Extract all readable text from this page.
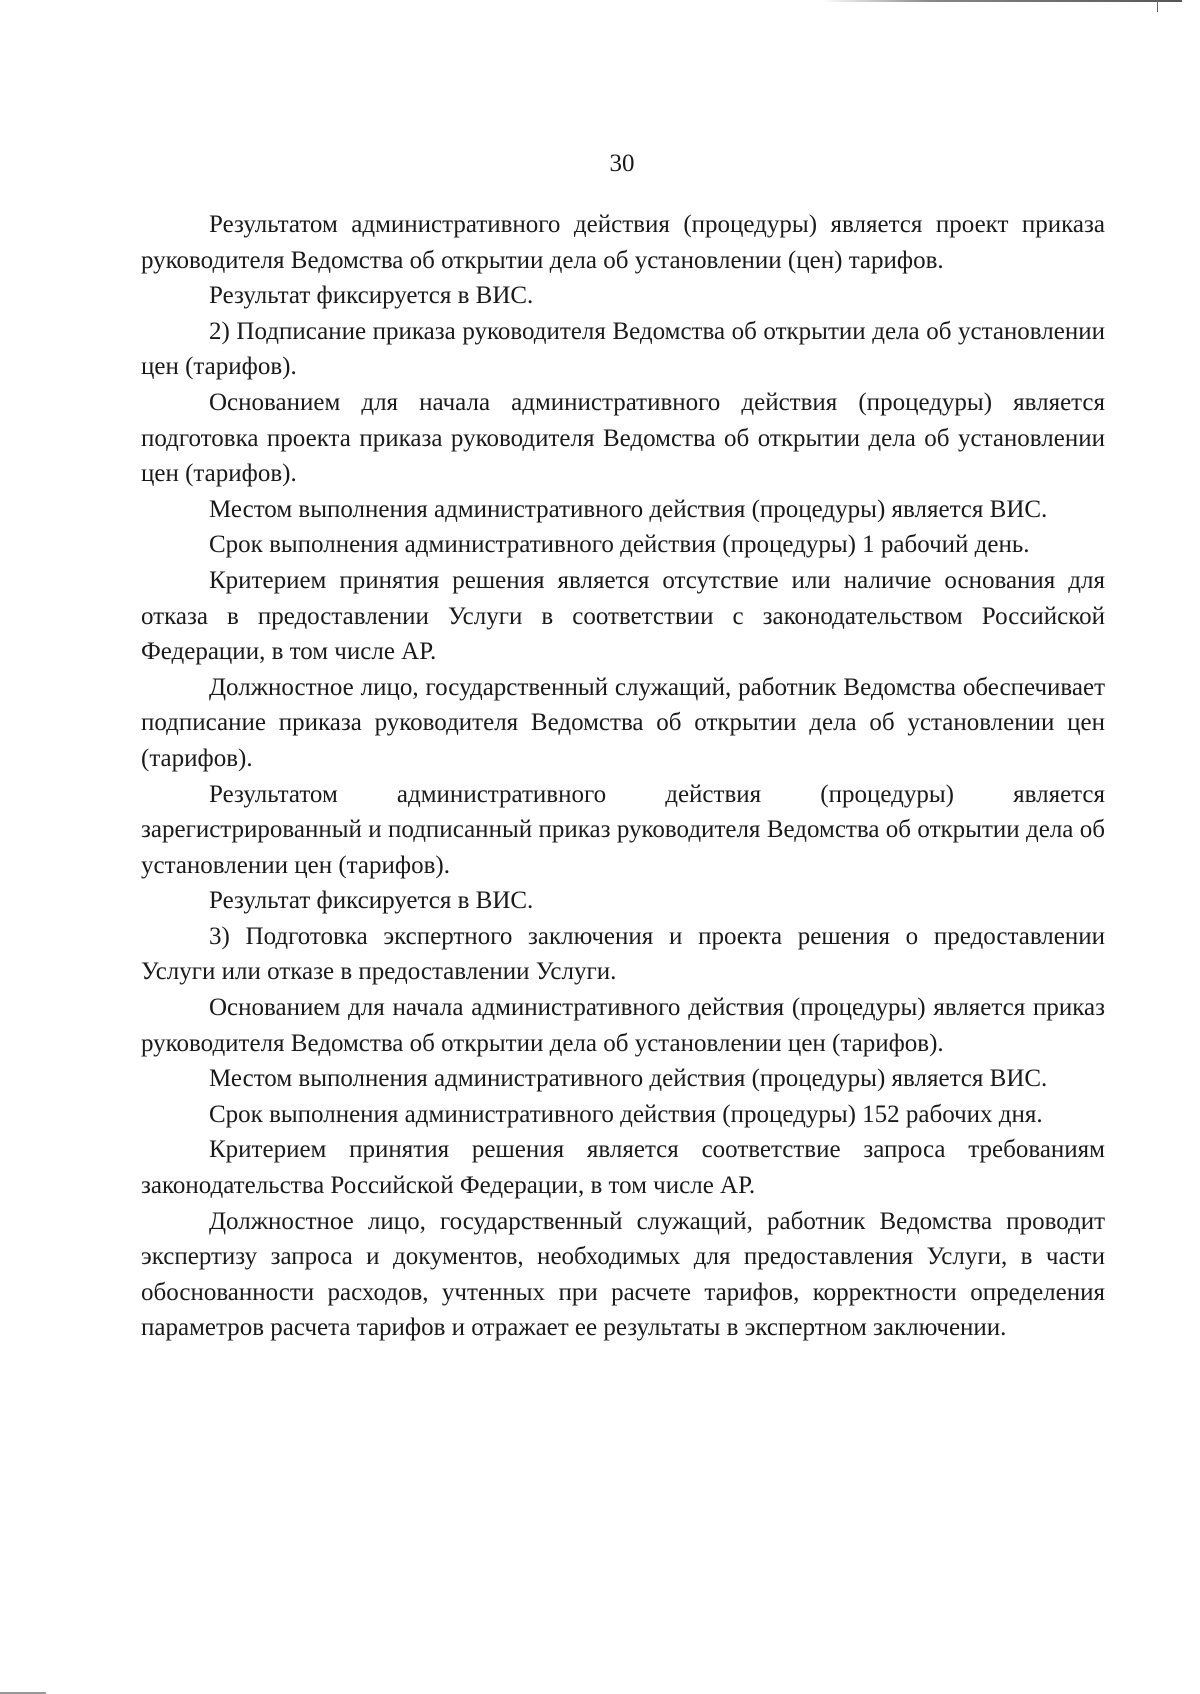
30

Результатом административного действия (процедуры) является проект приказа руководителя Ведомства об открытии дела об установлении (цен) тарифов.

Результат фиксируется в ВИС.

2) Подписание приказа руководителя Ведомства об открытии дела об установлении цен (тарифов).

Основанием для начала административного действия (процедуры) является подготовка проекта приказа руководителя Ведомства об открытии дела об установлении цен (тарифов).

Местом выполнения административного действия (процедуры) является ВИС.

Срок выполнения административного действия (процедуры) 1 рабочий день.

Критерием принятия решения является отсутствие или наличие основания для отказа в предоставлении Услуги в соответствии с законодательством Российской Федерации, в том числе АР.

Должностное лицо, государственный служащий, работник Ведомства обеспечивает подписание приказа руководителя Ведомства об открытии дела об установлении цен (тарифов).

Результатом административного действия (процедуры) является зарегистрированный и подписанный приказ руководителя Ведомства об открытии дела об установлении цен (тарифов).

Результат фиксируется в ВИС.

3) Подготовка экспертного заключения и проекта решения о предоставлении Услуги или отказе в предоставлении Услуги.

Основанием для начала административного действия (процедуры) является приказ руководителя Ведомства об открытии дела об установлении цен (тарифов).

Местом выполнения административного действия (процедуры) является ВИС.

Срок выполнения административного действия (процедуры) 152 рабочих дня.

Критерием принятия решения является соответствие запроса требованиям законодательства Российской Федерации, в том числе АР.

Должностное лицо, государственный служащий, работник Ведомства проводит экспертизу запроса и документов, необходимых для предоставления Услуги, в части обоснованности расходов, учтенных при расчете тарифов, корректности определения параметров расчета тарифов и отражает ее результаты в экспертном заключении.
